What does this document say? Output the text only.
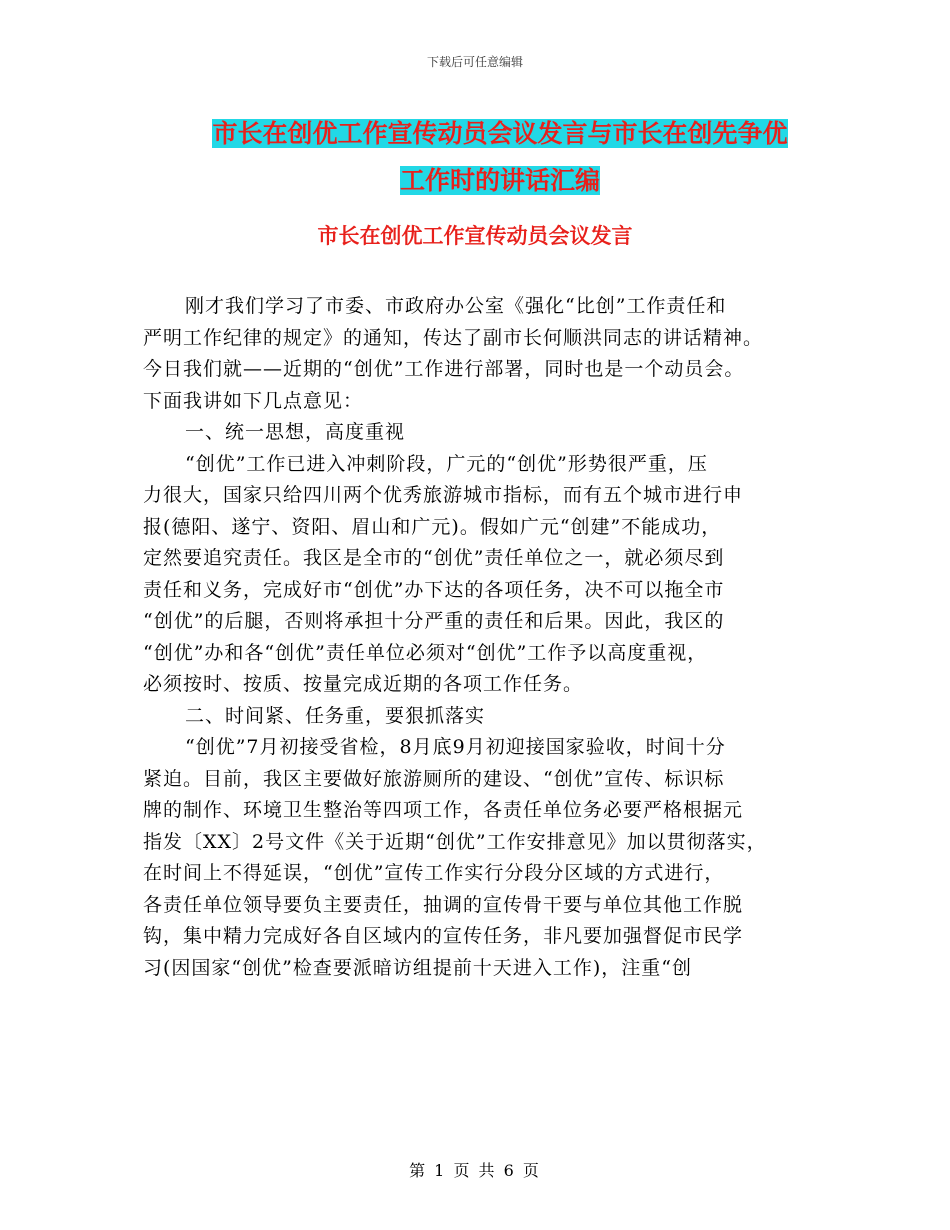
下载后可任意编辑
市长在创优工作宣传动员会议发言与市长在创先争优
工作时的讲话汇编
市长在创优工作宣传动员会议发言

刚才我们学习了市委、市政府办公室《强化“比创”工作责任和

严明工作纪律的规定》的通知，传达了副市长何顺洪同志的讲话精神。

今日我们就——近期的“创优”工作进行部署，同时也是一个动员会。

下面我讲如下几点意见：

一、统一思想，高度重视

“创优”工作已进入冲刺阶段，广元的“创优”形势很严重，压

力很大，国家只给四川两个优秀旅游城市指标，而有五个城市进行申

报(德阳、遂宁、资阳、眉山和广元)。假如广元“创建”不能成功，

定然要追究责任。我区是全市的“创优”责任单位之一，就必须尽到

责任和义务，完成好市“创优”办下达的各项任务，决不可以拖全市

“创优”的后腿，否则将承担十分严重的责任和后果。因此，我区的

“创优”办和各“创优”责任单位必须对“创优”工作予以高度重视，

必须按时、按质、按量完成近期的各项工作任务。

二、时间紧、任务重，要狠抓落实

“创优”7月初接受省检，8月底9月初迎接国家验收，时间十分

紧迫。目前，我区主要做好旅游厕所的建设、“创优”宣传、标识标

牌的制作、环境卫生整治等四项工作，各责任单位务必要严格根据元

指发〔XX〕2号文件《关于近期“创优”工作安排意见》加以贯彻落实，

在时间上不得延误，“创优”宣传工作实行分段分区域的方式进行，

各责任单位领导要负主要责任，抽调的宣传骨干要与单位其他工作脱

钩，集中精力完成好各自区域内的宣传任务，非凡要加强督促市民学

习(因国家“创优”检查要派暗访组提前十天进入工作)，注重“创

第 1 页 共 6 页
